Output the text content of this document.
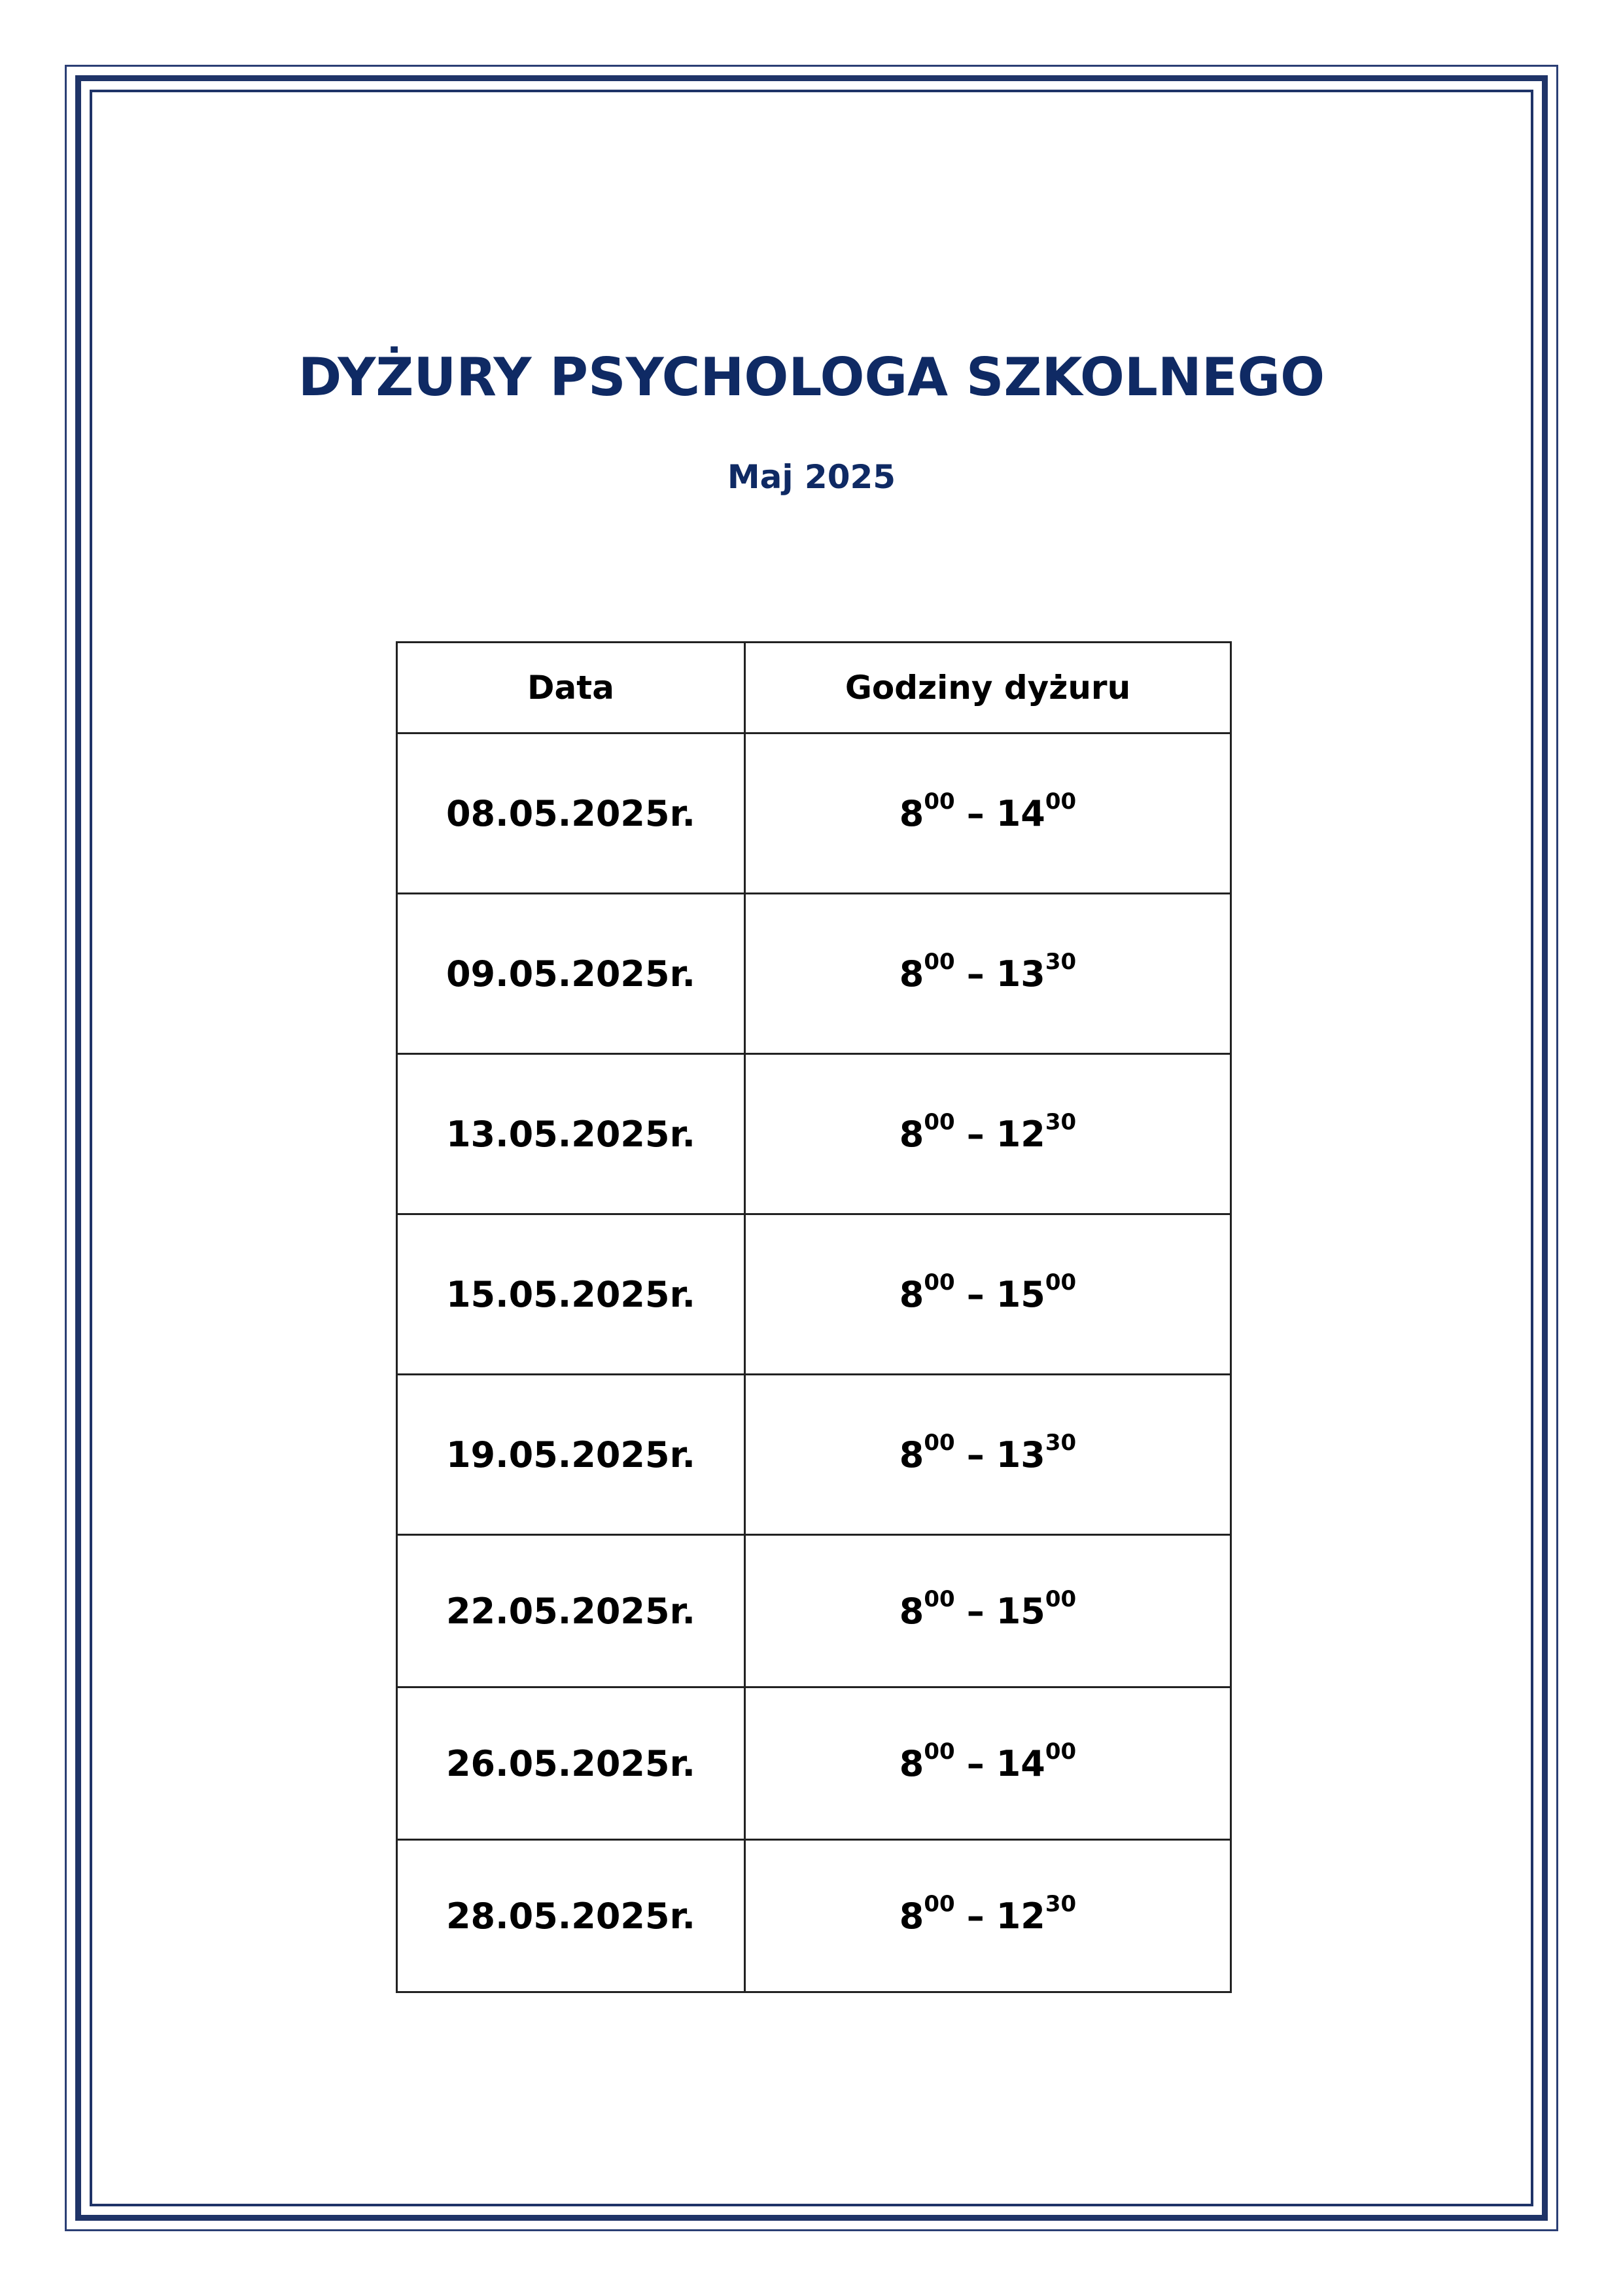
DYŻURY PSYCHOLOGA SZKOLNEGO
Maj 2025
Data	Godziny dyżuru
08.05.2025r.	$8^{00} - 14^{00}$
09.05.2025r.	$8^{00} - 13^{30}$
13.05.2025r.	$8^{00} - 12^{30}$
15.05.2025r.	$8^{00} - 15^{00}$
19.05.2025r.	$8^{00} - 13^{30}$
22.05.2025r.	$8^{00} - 15^{00}$
26.05.2025r.	$8^{00} - 14^{00}$
28.05.2025r.	$8^{00} - 12^{30}$
